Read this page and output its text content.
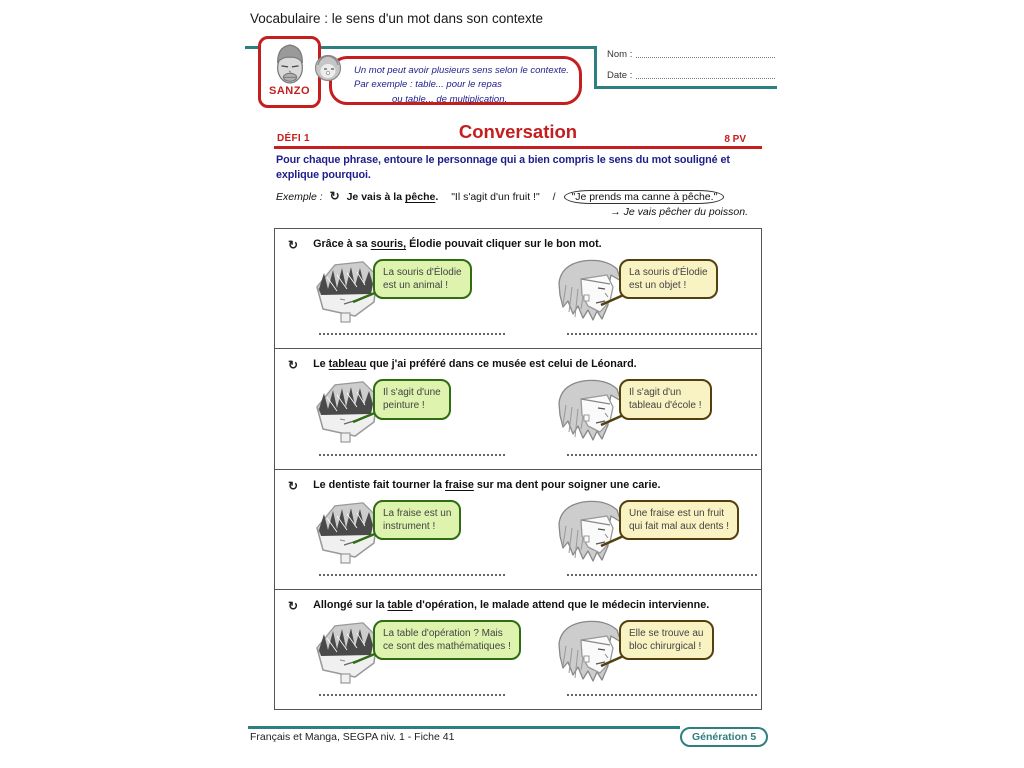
Vocabulaire : le sens d'un mot dans son contexte
SANZO
Un mot peut avoir plusieurs sens selon le contexte.
Par exemple : table... pour le repas
ou table... de multiplication.
Nom :
Date :
DÉFI 1	Conversation	8 PV
Pour chaque phrase, entoure le personnage qui a bien compris le sens du mot souligné et
explique pourquoi.
Exemple : ↻ Je vais à la pêche. "Il s'agit d'un fruit !" / "Je prends ma canne à pêche."
→ Je vais pêcher du poisson.
↻ Grâce à sa souris, Élodie pouvait cliquer sur le bon mot.
La souris d'Élodie
est un animal !
La souris d'Élodie
est un objet !
↻ Le tableau que j'ai préféré dans ce musée est celui de Léonard.
Il s'agit d'une
peinture !
Il s'agit d'un
tableau d'école !
↻ Le dentiste fait tourner la fraise sur ma dent pour soigner une carie.
La fraise est un
instrument !
Une fraise est un fruit
qui fait mal aux dents !
↻ Allongé sur la table d'opération, le malade attend que le médecin intervienne.
La table d'opération ? Mais
ce sont des mathématiques !
Elle se trouve au
bloc chirurgical !
Français et Manga, SEGPA niv. 1 - Fiche 41	Génération 5
